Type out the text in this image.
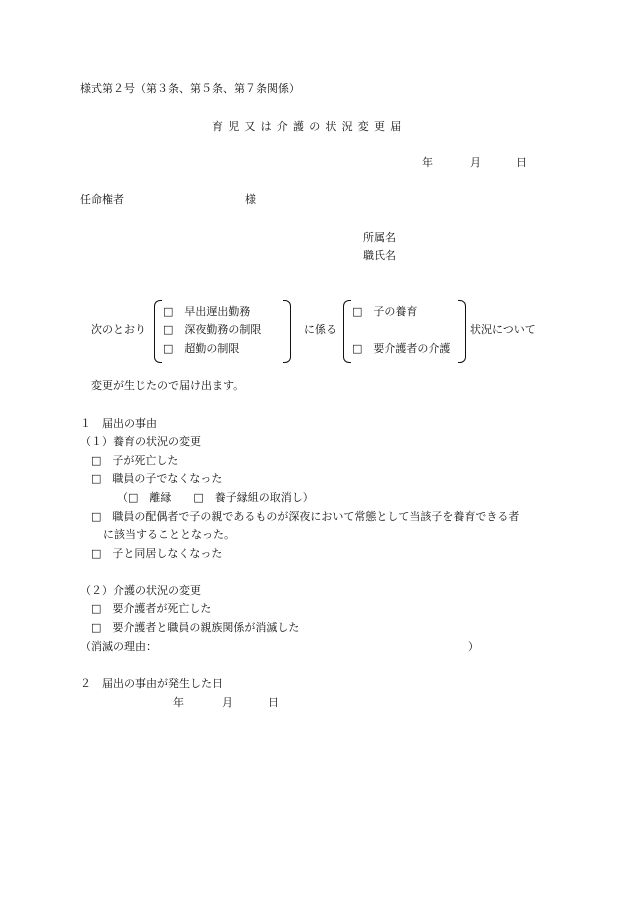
様式第２号（第３条、第５条、第７条関係）
育児又は介護の状況変更届
年	月	日
任命権者	様
所属名
職氏名
次のとおり
□　早出遅出勤務
□　深夜勤務の制限
□　超勤の制限
に係る
□　子の養育
□　要介護者の介護
状況について
変更が生じたので届け出ます。
１　届出の事由
（１）養育の状況の変更
□　子が死亡した
□　職員の子でなくなった
（□　離縁　　□　養子縁組の取消し）
□　職員の配偶者で子の親であるものが深夜において常態として当該子を養育できる者
に該当することとなった。
□　子と同居しなくなった
（２）介護の状況の変更
□　要介護者が死亡した
□　要介護者と職員の親族関係が消滅した
（消滅の理由：	）
２　届出の事由が発生した日
年	月	日
